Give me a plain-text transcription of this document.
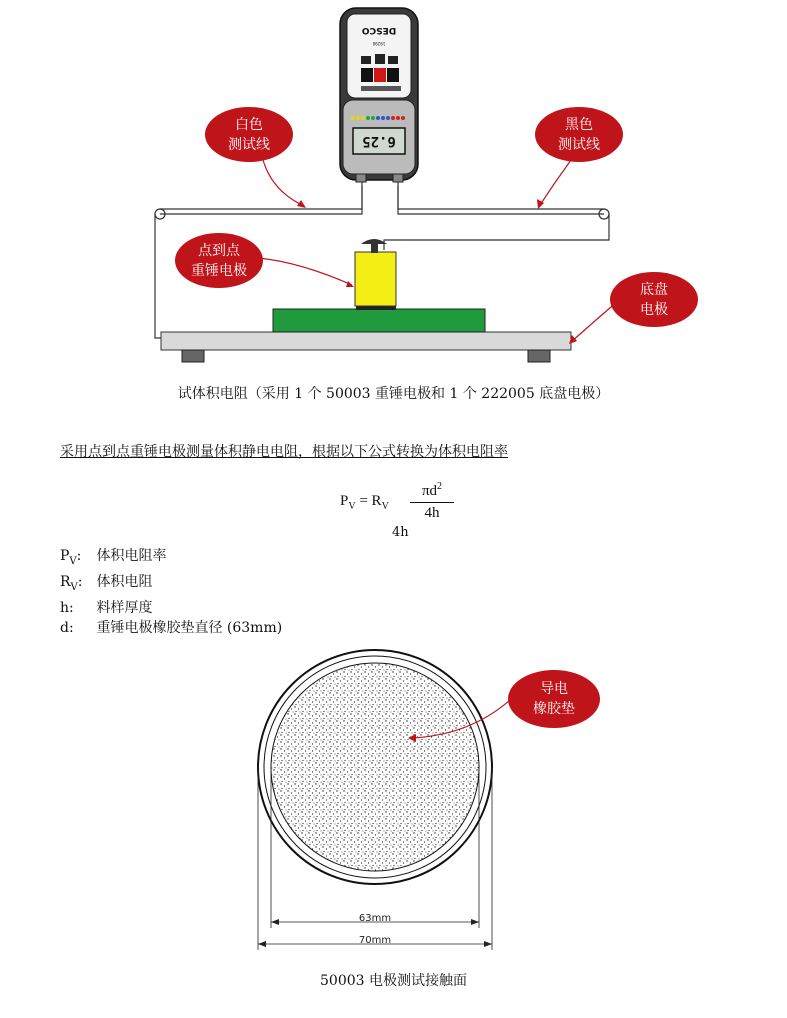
6.25
DESCO
19290
白色
测试线
黑色
测试线
点到点
重锤电极
底盘
电极
试体积电阻（采用 1 个 50003 重锤电极和 1 个 222005 底盘电极）
采用点到点重锤电极测量体积静电电阻，根据以下公式转换为体积电阻率
$P_V = R_V$
$\pi d^2$
4h
4h
$P_V$: 体积电阻率
$R_V$: 体积电阻
h: 料样厚度
d: 重锤电极橡胶垫直径 (63mm)
63mm
70mm
导电
橡胶垫
50003 电极测试接触面
